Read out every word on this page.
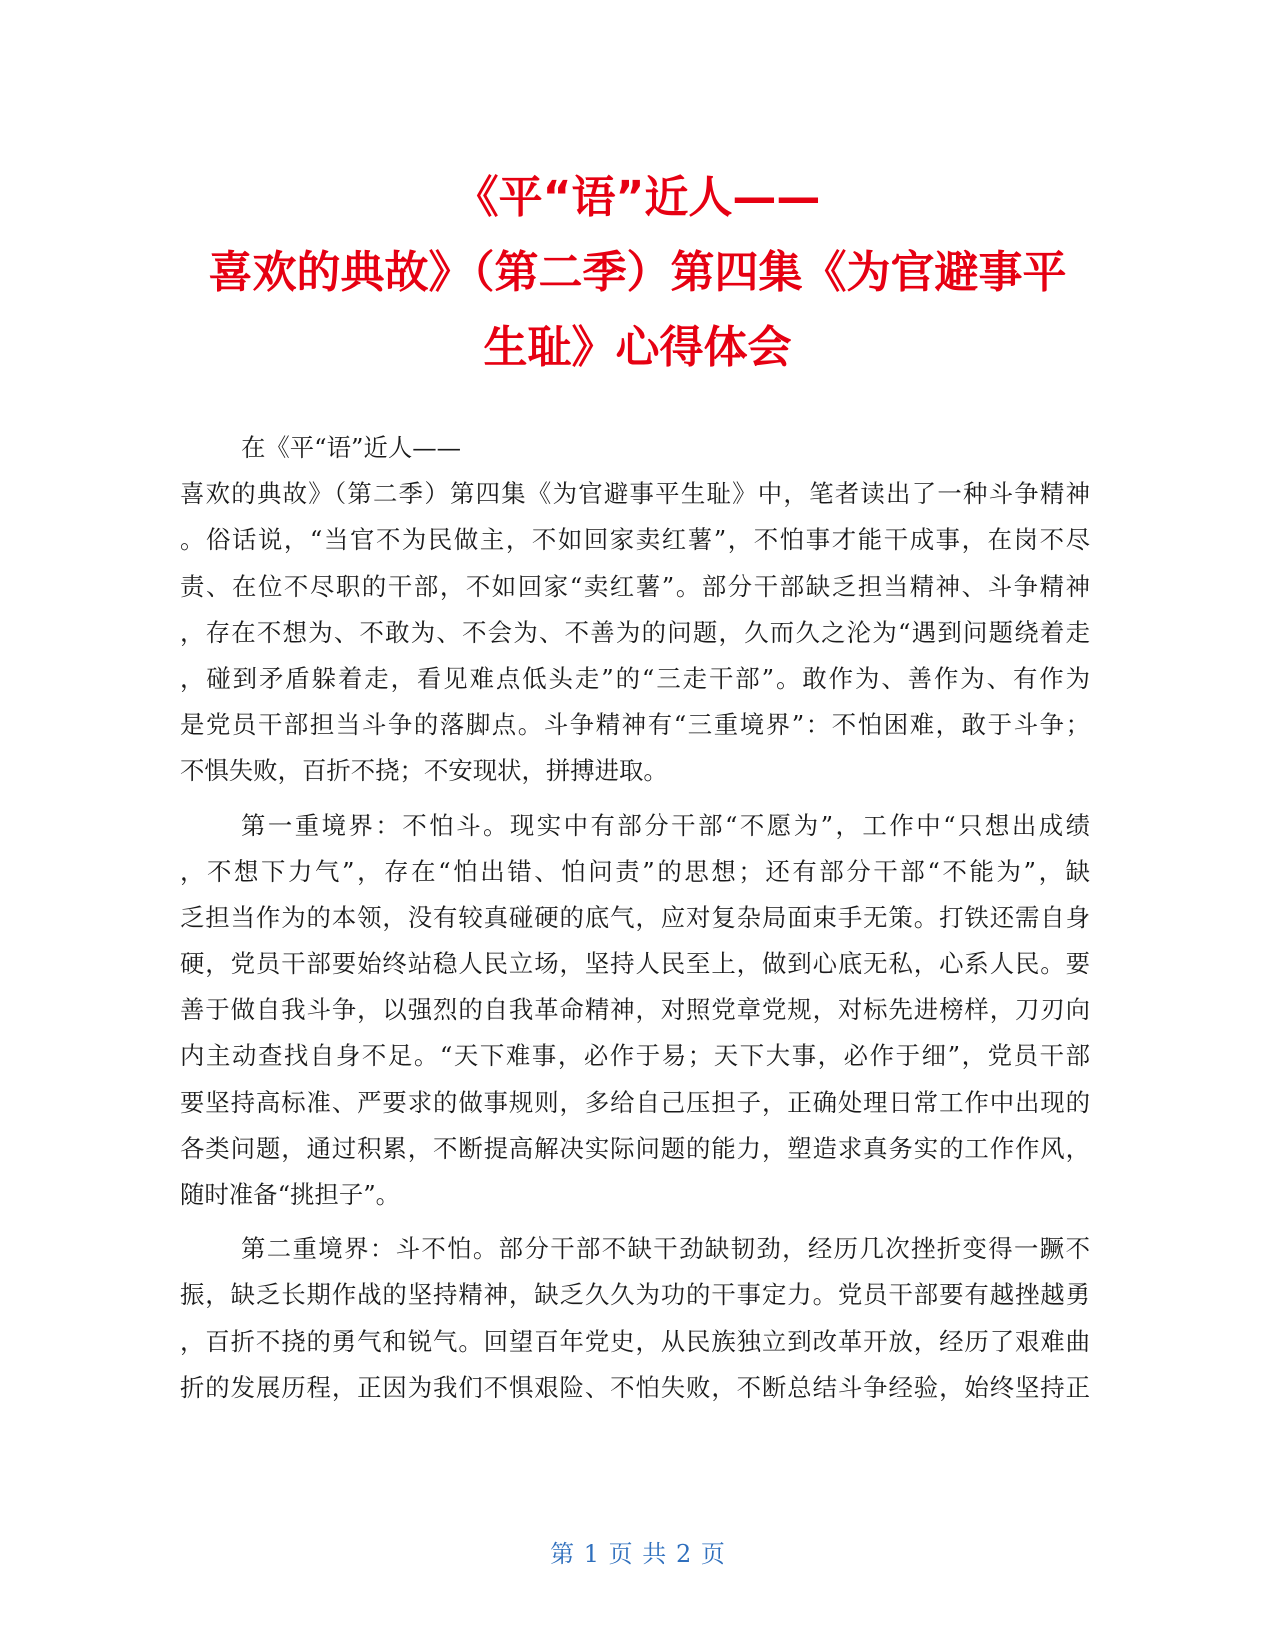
《平“语”近人——
喜欢的典故》（第二季）第四集《为官避事平
生耻》心得体会
在《平“语”近人——
喜欢的典故》（第二季）第四集《为官避事平生耻》中，笔者读出了一种斗争精神
。俗话说，“当官不为民做主，不如回家卖红薯”，不怕事才能干成事，在岗不尽
责、在位不尽职的干部，不如回家“卖红薯”。部分干部缺乏担当精神、斗争精神
，存在不想为、不敢为、不会为、不善为的问题，久而久之沦为“遇到问题绕着走
，碰到矛盾躲着走，看见难点低头走”的“三走干部”。敢作为、善作为、有作为
是党员干部担当斗争的落脚点。斗争精神有“三重境界”：不怕困难，敢于斗争；
不惧失败，百折不挠；不安现状，拼搏进取。
第一重境界：不怕斗。现实中有部分干部“不愿为”，工作中“只想出成绩
，不想下力气”，存在“怕出错、怕问责”的思想；还有部分干部“不能为”，缺
乏担当作为的本领，没有较真碰硬的底气，应对复杂局面束手无策。打铁还需自身
硬，党员干部要始终站稳人民立场，坚持人民至上，做到心底无私，心系人民。要
善于做自我斗争，以强烈的自我革命精神，对照党章党规，对标先进榜样，刀刃向
内主动查找自身不足。“天下难事，必作于易；天下大事，必作于细”，党员干部
要坚持高标准、严要求的做事规则，多给自己压担子，正确处理日常工作中出现的
各类问题，通过积累，不断提高解决实际问题的能力，塑造求真务实的工作作风，
随时准备“挑担子”。
第二重境界：斗不怕。部分干部不缺干劲缺韧劲，经历几次挫折变得一蹶不
振，缺乏长期作战的坚持精神，缺乏久久为功的干事定力。党员干部要有越挫越勇
，百折不挠的勇气和锐气。回望百年党史，从民族独立到改革开放，经历了艰难曲
折的发展历程，正因为我们不惧艰险、不怕失败，不断总结斗争经验，始终坚持正
第 1 页 共 2 页
